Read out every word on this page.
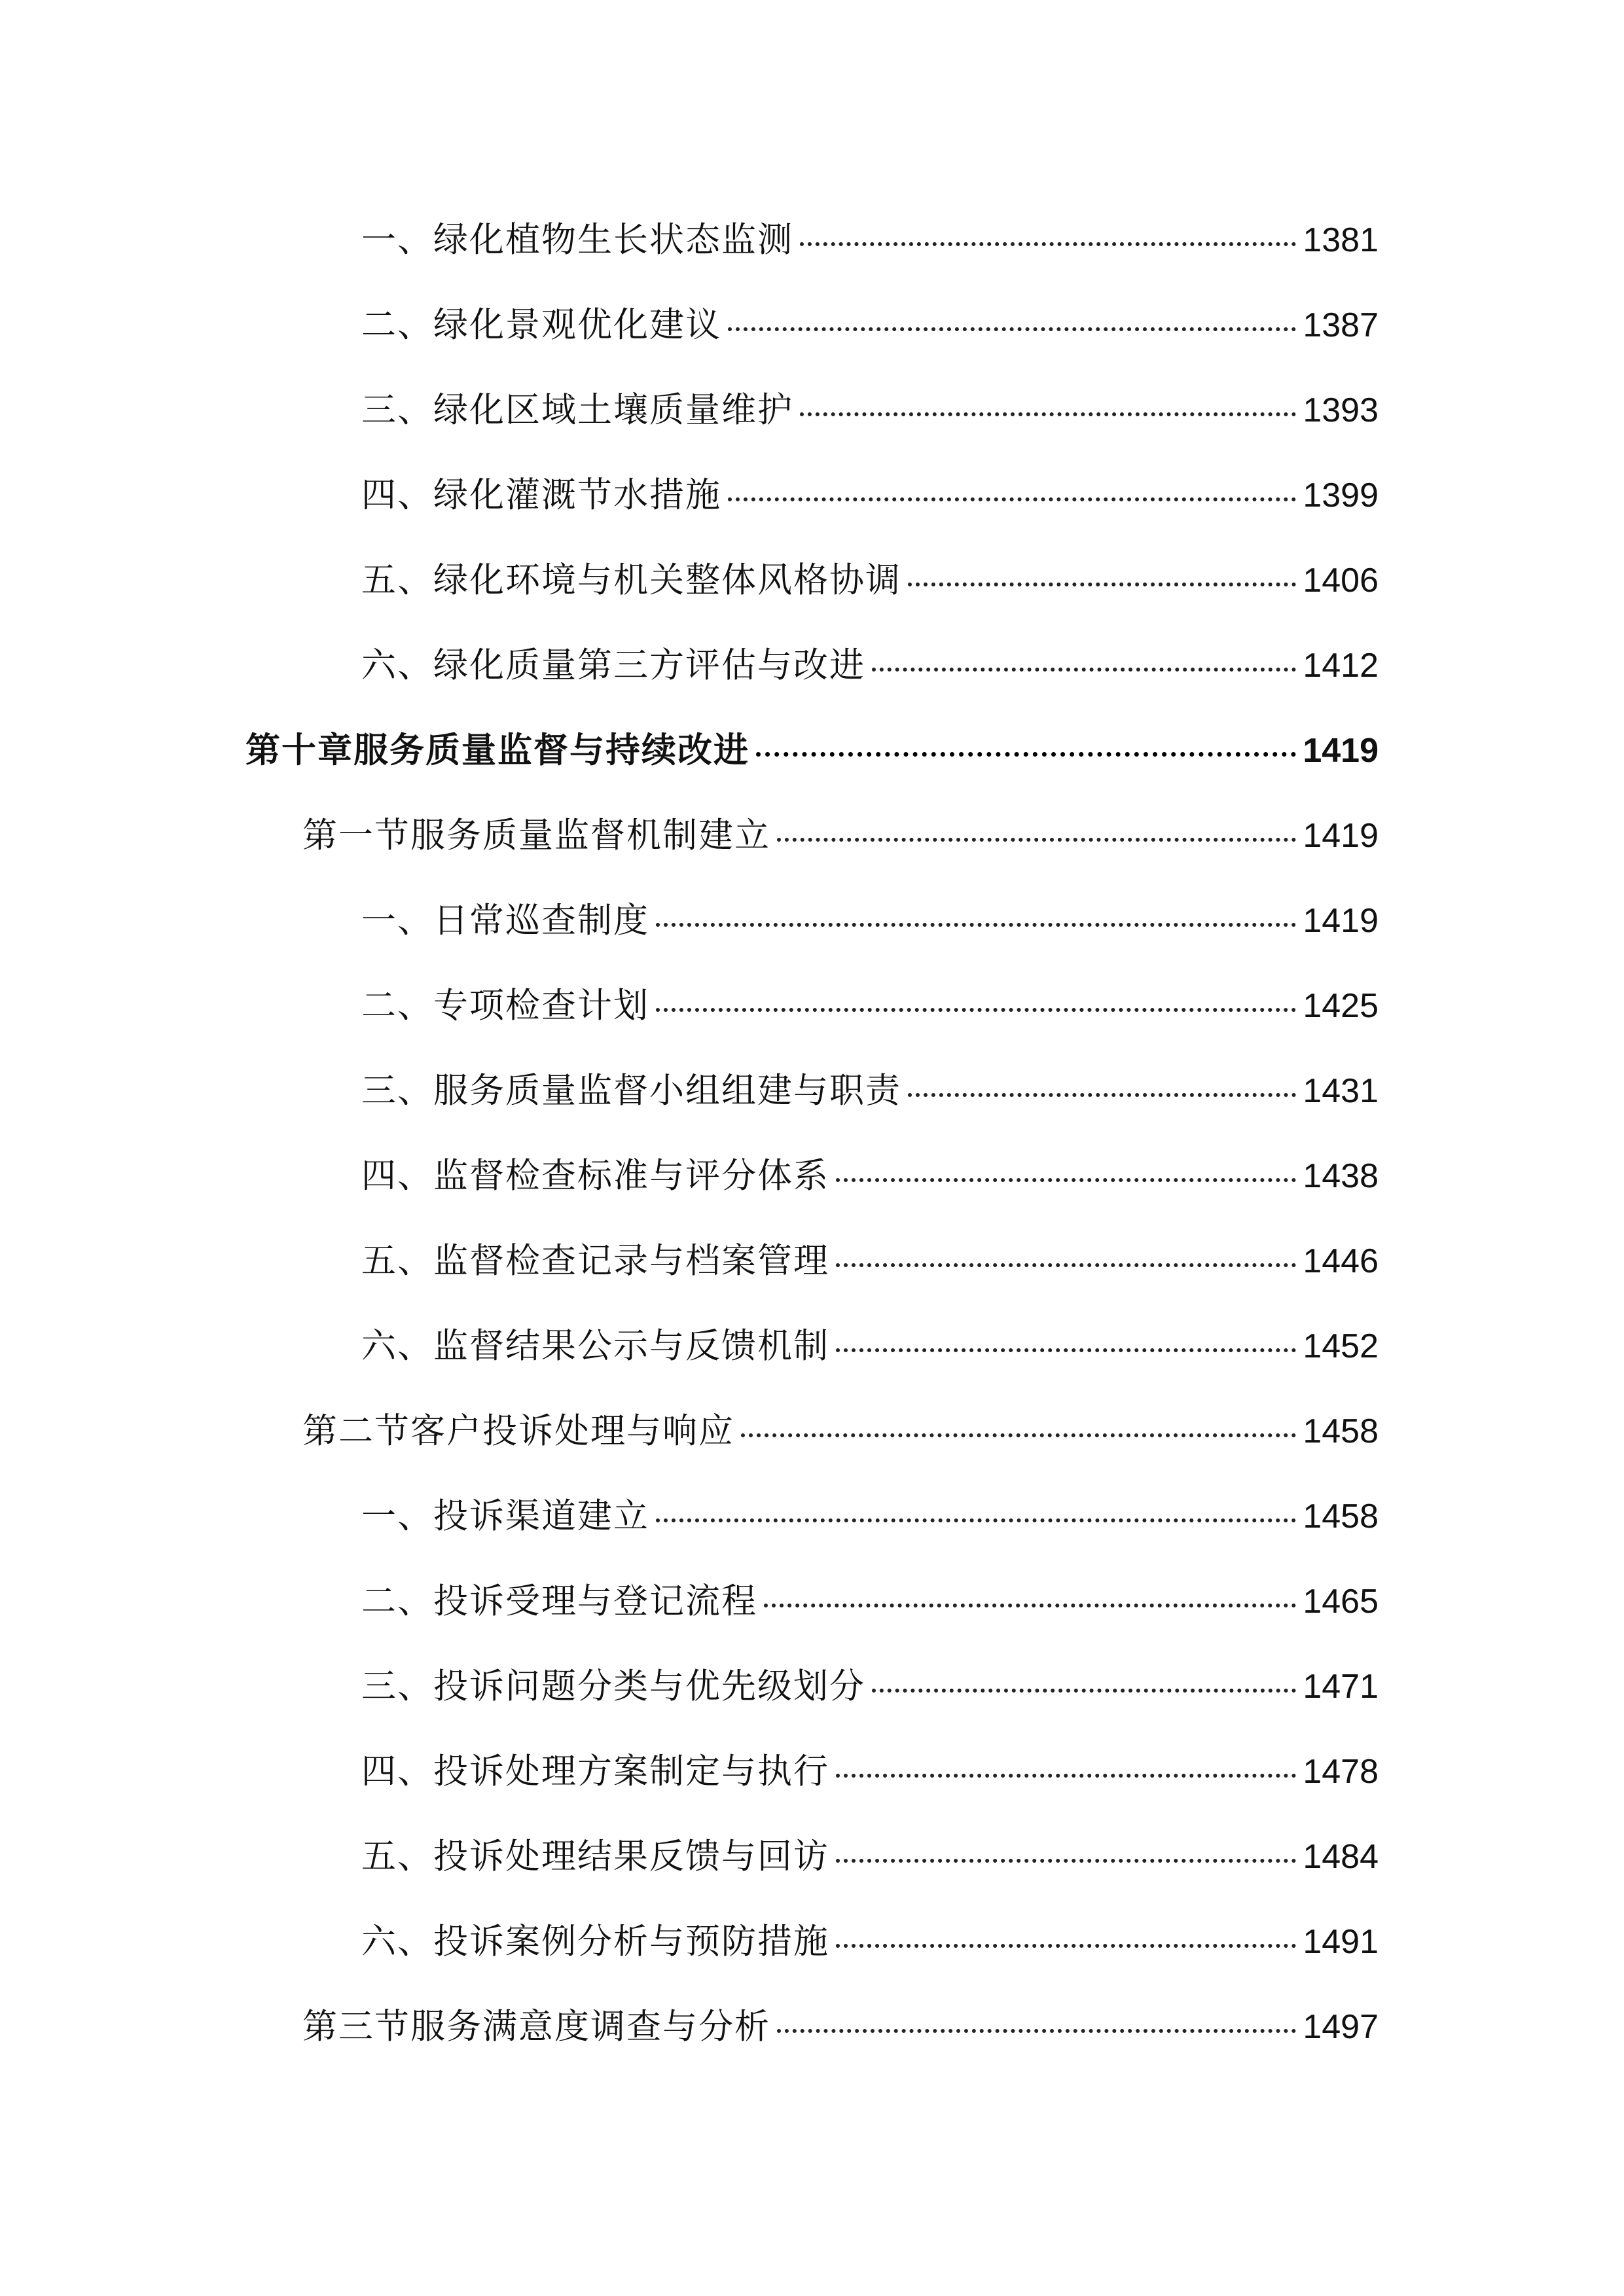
一、绿化植物生长状态监测	1381
二、绿化景观优化建议	1387
三、绿化区域土壤质量维护	1393
四、绿化灌溉节水措施	1399
五、绿化环境与机关整体风格协调	1406
六、绿化质量第三方评估与改进	1412
第十章服务质量监督与持续改进	1419
第一节服务质量监督机制建立	1419
一、日常巡查制度	1419
二、专项检查计划	1425
三、服务质量监督小组组建与职责	1431
四、监督检查标准与评分体系	1438
五、监督检查记录与档案管理	1446
六、监督结果公示与反馈机制	1452
第二节客户投诉处理与响应	1458
一、投诉渠道建立	1458
二、投诉受理与登记流程	1465
三、投诉问题分类与优先级划分	1471
四、投诉处理方案制定与执行	1478
五、投诉处理结果反馈与回访	1484
六、投诉案例分析与预防措施	1491
第三节服务满意度调查与分析	1497
